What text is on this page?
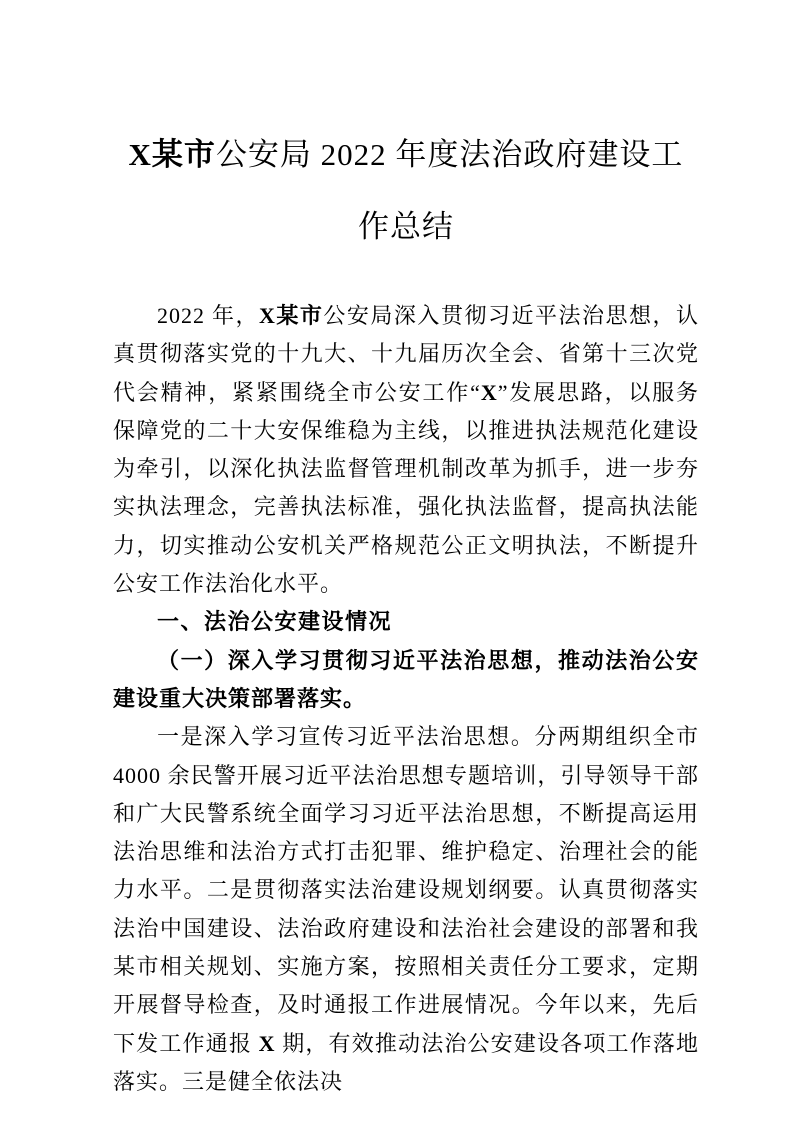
X某市公安局 2022 年度法治政府建设工作总结

2022 年，X某市公安局深入贯彻习近平法治思想，认真贯彻落实党的十九大、十九届历次全会、省第十三次党代会精神，紧紧围绕全市公安工作“X”发展思路，以服务 保障党的二十大安保维稳为主线，以推进执法规范化建设为牵引，以深化执法监督管理机制改革为抓手，进一步夯实执法理念，完善执法标准，强化执法监督，提高执法能力，切实推动公安机关严格规范公正文明执法，不断提升公安工作法治化水平。

一、法治公安建设情况

（一）深入学习贯彻习近平法治思想，推动法治公安建设重大决策部署落实。

一是深入学习宣传习近平法治思想。分两期组织全市 4000 余民警开展习近平法治思想专题培训，引导领导干部和广大民警系统全面学习习近平法治思想，不断提高运用法治思维和法治方式打击犯罪、维护稳定、治理社会的能力水平。二是贯彻落实法治建设规划纲要。认真贯彻落实法治中国建设、法治政府建设和法治社会建设的部署和我某市相关规划、实施方案，按照相关责任分工要求，定期开展督导检查，及时通报工作进展情况。今年以来，先后下发工作通报 X 期，有效推动法治公安建设各项工作落地落实。三是健全依法决
